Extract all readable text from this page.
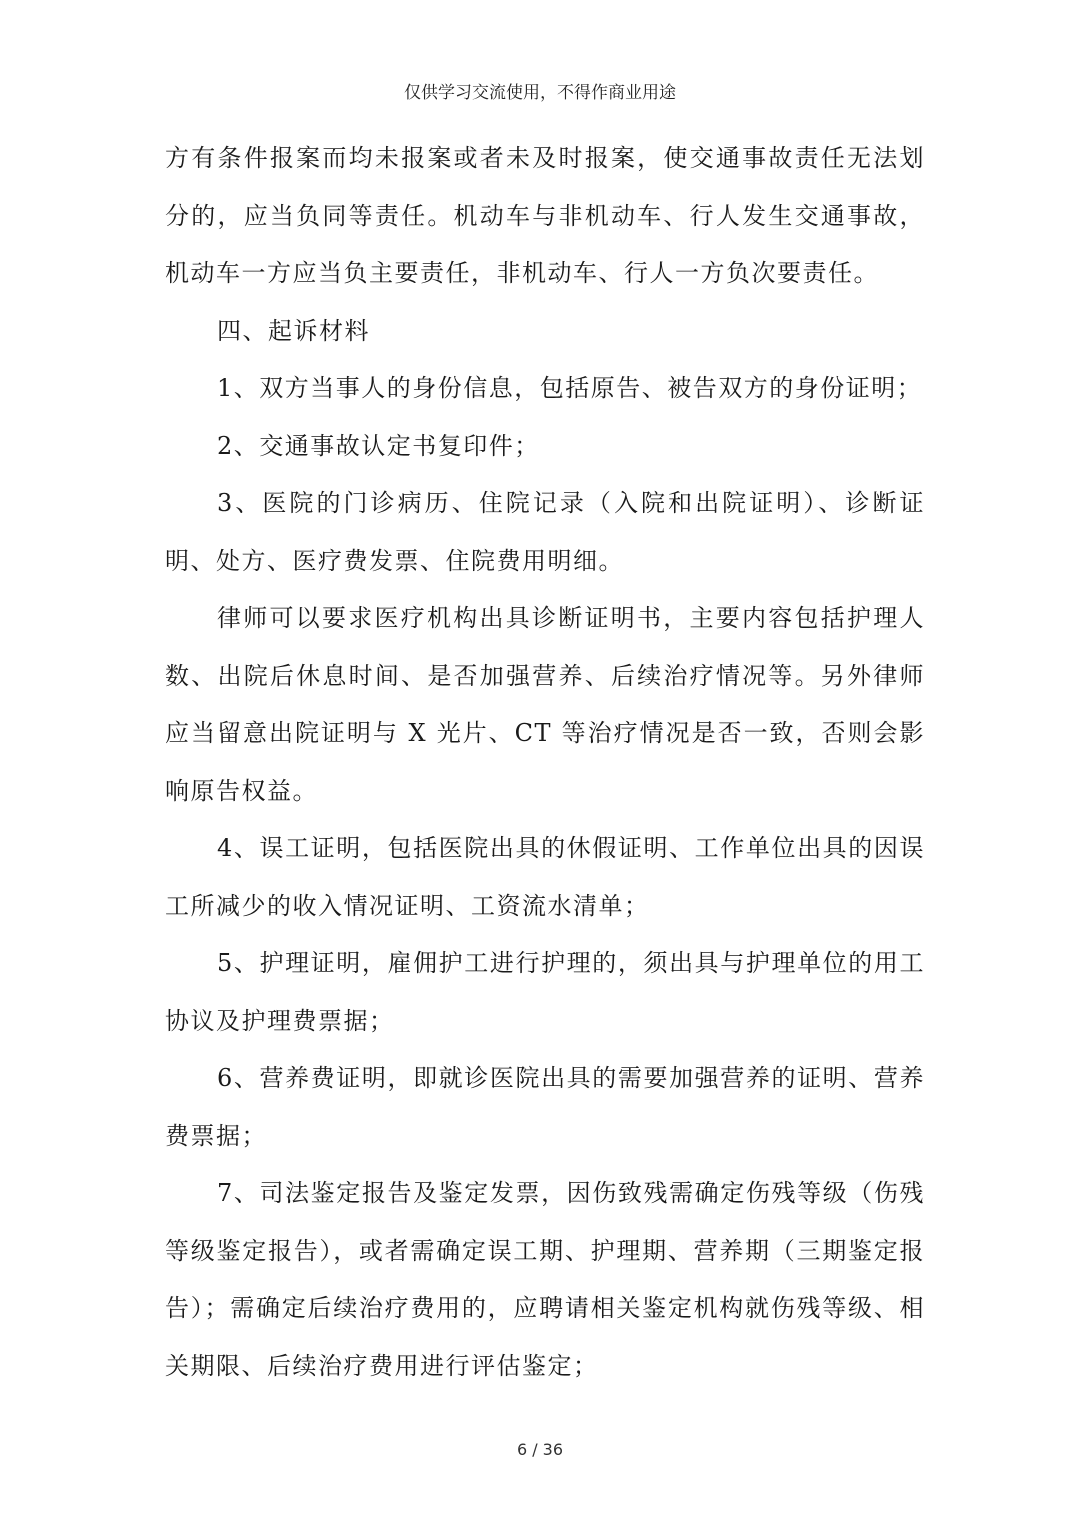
仅供学习交流使用，不得作商业用途

方有条件报案而均未报案或者未及时报案，使交通事故责任无法划分的，应当负同等责任。机动车与非机动车、行人发生交通事故，机动车一方应当负主要责任，非机动车、行人一方负次要责任。

四、起诉材料

1、双方当事人的身份信息，包括原告、被告双方的身份证明；

2、交通事故认定书复印件；

3、医院的门诊病历、住院记录（入院和出院证明）、诊断证明、处方、医疗费发票、住院费用明细。

律师可以要求医疗机构出具诊断证明书，主要内容包括护理人数、出院后休息时间、是否加强营养、后续治疗情况等。另外律师应当留意出院证明与 X 光片、CT 等治疗情况是否一致，否则会影响原告权益。

4、误工证明，包括医院出具的休假证明、工作单位出具的因误工所减少的收入情况证明、工资流水清单；

5、护理证明，雇佣护工进行护理的，须出具与护理单位的用工协议及护理费票据；

6、营养费证明，即就诊医院出具的需要加强营养的证明、营养费票据；

7、司法鉴定报告及鉴定发票，因伤致残需确定伤残等级（伤残等级鉴定报告），或者需确定误工期、护理期、营养期（三期鉴定报告）；需确定后续治疗费用的，应聘请相关鉴定机构就伤残等级、相关期限、后续治疗费用进行评估鉴定；

6 / 36
